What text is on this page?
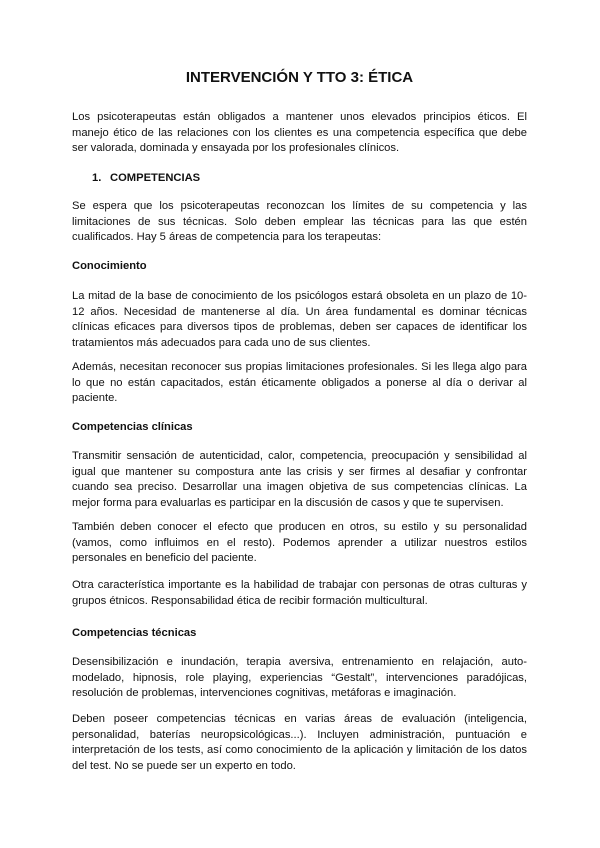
INTERVENCIÓN Y TTO 3: ÉTICA

Los psicoterapeutas están obligados a mantener unos elevados principios éticos. El manejo ético de las relaciones con los clientes es una competencia específica que debe ser valorada, dominada y ensayada por los profesionales clínicos.

1. COMPETENCIAS

Se espera que los psicoterapeutas reconozcan los límites de su competencia y las limitaciones de sus técnicas. Solo deben emplear las técnicas para las que estén cualificados. Hay 5 áreas de competencia para los terapeutas:

Conocimiento

La mitad de la base de conocimiento de los psicólogos estará obsoleta en un plazo de 10-12 años. Necesidad de mantenerse al día. Un área fundamental es dominar técnicas clínicas eficaces para diversos tipos de problemas, deben ser capaces de identificar los tratamientos más adecuados para cada uno de sus clientes.

Además, necesitan reconocer sus propias limitaciones profesionales. Si les llega algo para lo que no están capacitados, están éticamente obligados a ponerse al día o derivar al paciente.

Competencias clínicas

Transmitir sensación de autenticidad, calor, competencia, preocupación y sensibilidad al igual que mantener su compostura ante las crisis y ser firmes al desafiar y confrontar cuando sea preciso. Desarrollar una imagen objetiva de sus competencias clínicas. La mejor forma para evaluarlas es participar en la discusión de casos y que te supervisen.

También deben conocer el efecto que producen en otros, su estilo y su personalidad (vamos, como influimos en el resto). Podemos aprender a utilizar nuestros estilos personales en beneficio del paciente.

Otra característica importante es la habilidad de trabajar con personas de otras culturas y grupos étnicos. Responsabilidad ética de recibir formación multicultural.

Competencias técnicas

Desensibilización e inundación, terapia aversiva, entrenamiento en relajación, auto-modelado, hipnosis, role playing, experiencias “Gestalt”, intervenciones paradójicas, resolución de problemas, intervenciones cognitivas, metáforas e imaginación.

Deben poseer competencias técnicas en varias áreas de evaluación (inteligencia, personalidad, baterías neuropsicológicas...). Incluyen administración, puntuación e interpretación de los tests, así como conocimiento de la aplicación y limitación de los datos del test. No se puede ser un experto en todo.
